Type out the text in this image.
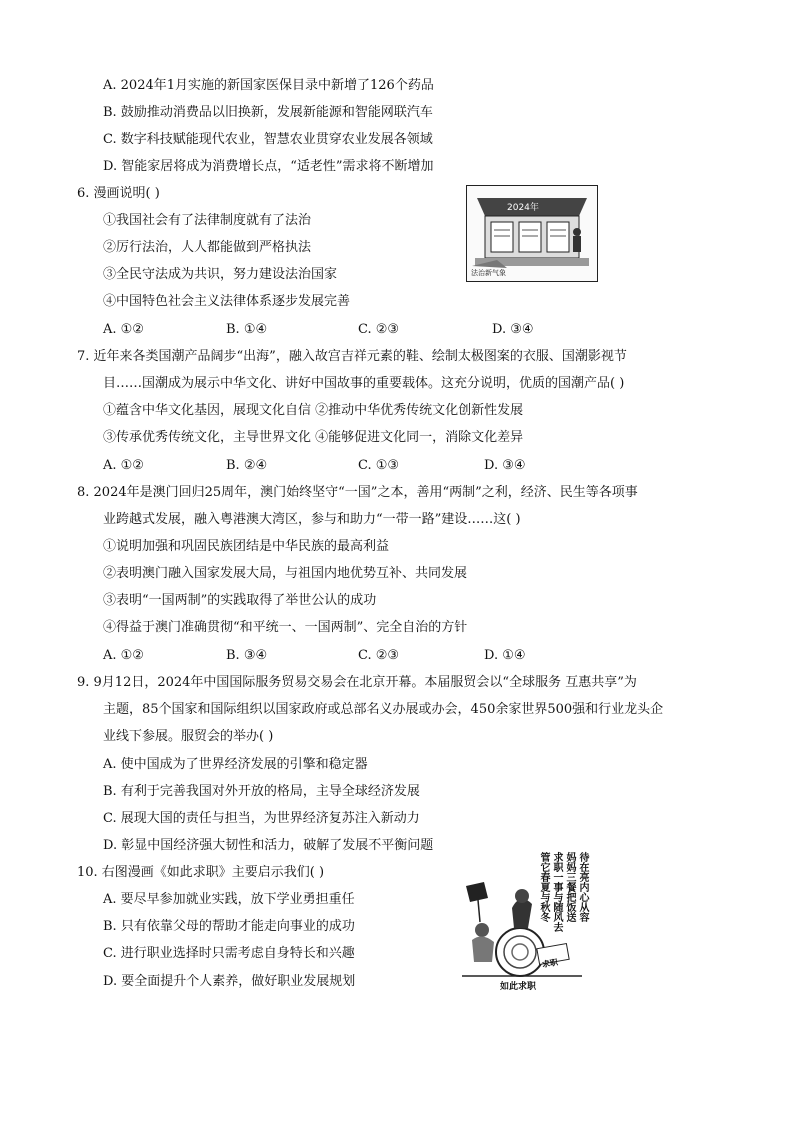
A. 2024年1月实施的新国家医保目录中新增了126个药品
B. 鼓励推动消费品以旧换新，发展新能源和智能网联汽车
C. 数字科技赋能现代农业，智慧农业贯穿农业发展各领域
D. 智能家居将成为消费增长点，“适老性”需求将不断增加
6. 漫画说明( )
①我国社会有了法律制度就有了法治
②厉行法治，人人都能做到严格执法
③全民守法成为共识，努力建设法治国家
④中国特色社会主义法律体系逐步发展完善
A. ①②	B. ①④	C. ②③	D. ③④
2024年
法治新气象
7. 近年来各类国潮产品阔步“出海”，融入故宫吉祥元素的鞋、绘制太极图案的衣服、国潮影视节
目……国潮成为展示中华文化、讲好中国故事的重要载体。这充分说明，优质的国潮产品( )
①蕴含中华文化基因，展现文化自信 ②推动中华优秀传统文化创新性发展
③传承优秀传统文化，主导世界文化 ④能够促进文化同一，消除文化差异
A. ①②	B. ②④	C. ①③	D. ③④
8. 2024年是澳门回归25周年，澳门始终坚守“一国”之本，善用“两制”之利，经济、民生等各项事
业跨越式发展，融入粤港澳大湾区，参与和助力“一带一路”建设……这( )
①说明加强和巩固民族团结是中华民族的最高利益
②表明澳门融入国家发展大局，与祖国内地优势互补、共同发展
③表明“一国两制”的实践取得了举世公认的成功
④得益于澳门准确贯彻“和平统一、一国两制”、完全自治的方针
A. ①②	B. ③④	C. ②③	D. ①④
9. 9月12日，2024年中国国际服务贸易交易会在北京开幕。本届服贸会以“全球服务 互惠共享”为
主题，85个国家和国际组织以国家政府或总部名义办展或办会，450余家世界500强和行业龙头企
业线下参展。服贸会的举办( )
A. 使中国成为了世界经济发展的引擎和稳定器
B. 有利于完善我国对外开放的格局，主导全球经济发展
C. 展现大国的责任与担当，为世界经济复苏注入新动力
D. 彰显中国经济强大韧性和活力，破解了发展不平衡问题
10. 右图漫画《如此求职》主要启示我们( )
A. 要尽早参加就业实践，放下学业勇担重任
B. 只有依靠父母的帮助才能走向事业的成功
C. 进行职业选择时只需考虑自身特长和兴趣
D. 要全面提升个人素养，做好职业发展规划
待在亮内心从容
妈妈三餐把饭送
求职一事与随风去
管它春夏与秋冬
求职
如此求职
